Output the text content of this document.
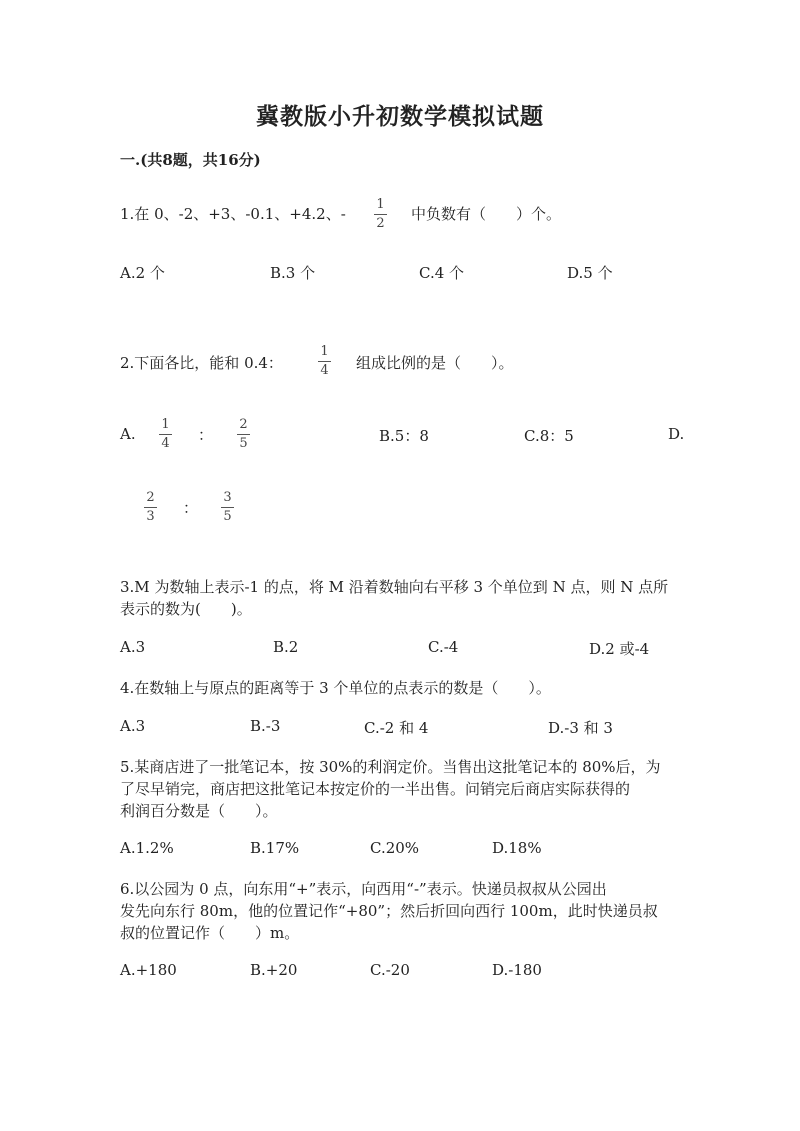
冀教版小升初数学模拟试题
一.(共8题，共16分)
1.在 0、-2、+3、-0.1、+4.2、-
1
2
中负数有（　　）个。
A.2 个	B.3 个	C.4 个	D.5 个
2.下面各比，能和 0.4：
1
4 组成比例的是（　　）。
A.
1
4 ：
2
5	B.5：8	C.8：5	D.
2
3 ：
3
5
3.M 为数轴上表示-1 的点，将 M 沿着数轴向右平移 3 个单位到 N 点，则 N 点所
表示的数为(　　)。
A.3	B.2	C.-4	D.2 或-4
4.在数轴上与原点的距离等于 3 个单位的点表示的数是（　　）。
A.3	B.-3	C.-2 和 4	D.-3 和 3
5.某商店进了一批笔记本，按 30%的利润定价。当售出这批笔记本的 80%后，为
了尽早销完，商店把这批笔记本按定价的一半出售。问销完后商店实际获得的
利润百分数是（　　）。
A.1.2%	B.17%	C.20%	D.18%
6.以公园为 0 点，向东用“+”表示，向西用“-”表示。快递员叔叔从公园出
发先向东行 80m，他的位置记作“+80”；然后折回向西行 100m，此时快递员叔
叔的位置记作（　　）m。
A.+180	B.+20	C.-20	D.-180
